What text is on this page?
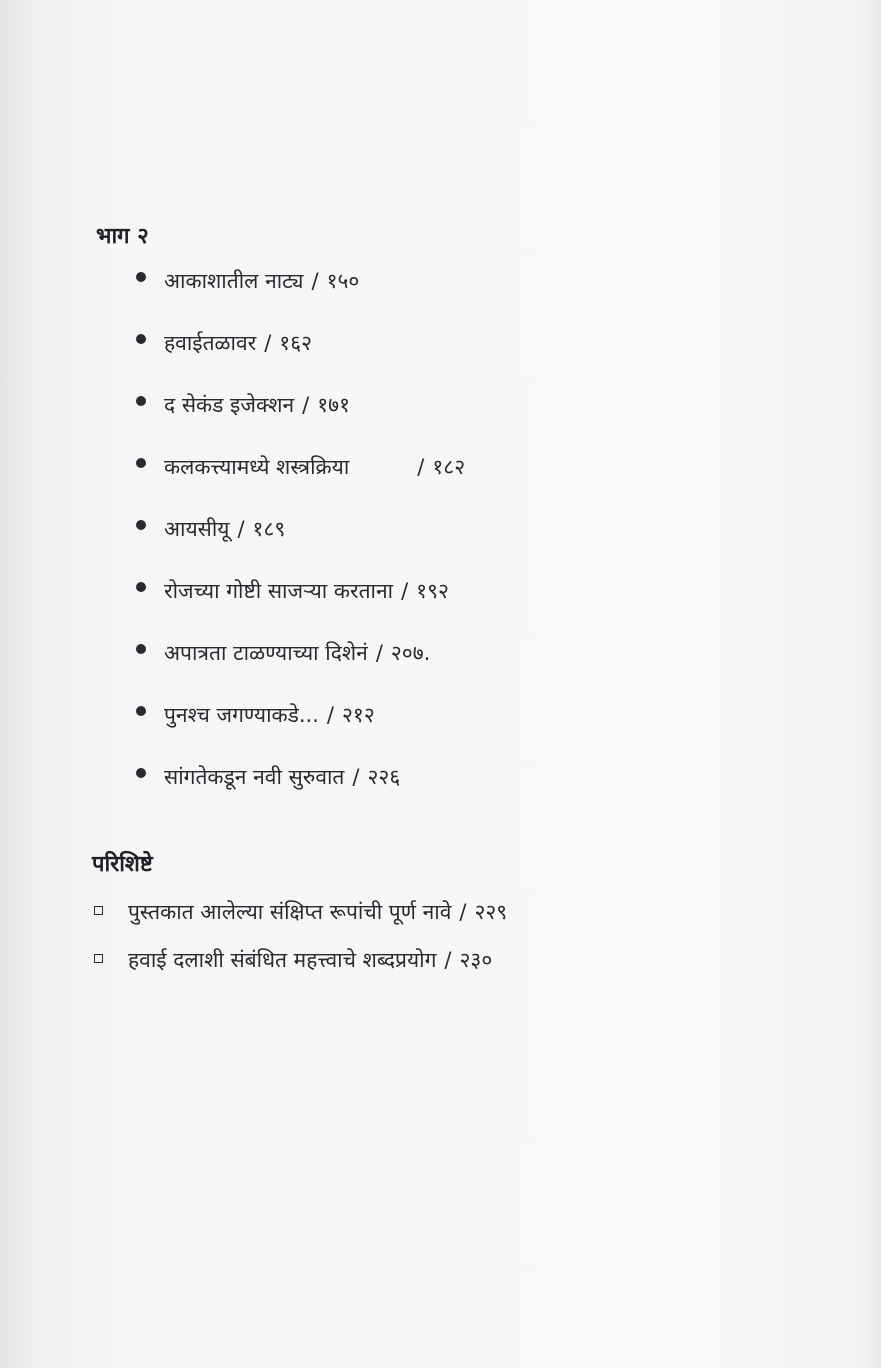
भाग २
आकाशातील नाट्य / १५०
हवाईतळावर / १६२
द सेकंड इजेक्शन / १७१
कलकत्त्यामध्ये शस्त्रक्रिया	/ १८२
आयसीयू / १८९
रोजच्या गोष्टी साजऱ्या करताना / १९२
अपात्रता टाळण्याच्या दिशेनं / २०७.
पुनश्च जगण्याकडे... / २१२
सांगतेकडून नवी सुरुवात / २२६
परिशिष्टे
पुस्तकात आलेल्या संक्षिप्त रूपांची पूर्ण नावे / २२९
हवाई दलाशी संबंधित महत्त्वाचे शब्दप्रयोग / २३०
